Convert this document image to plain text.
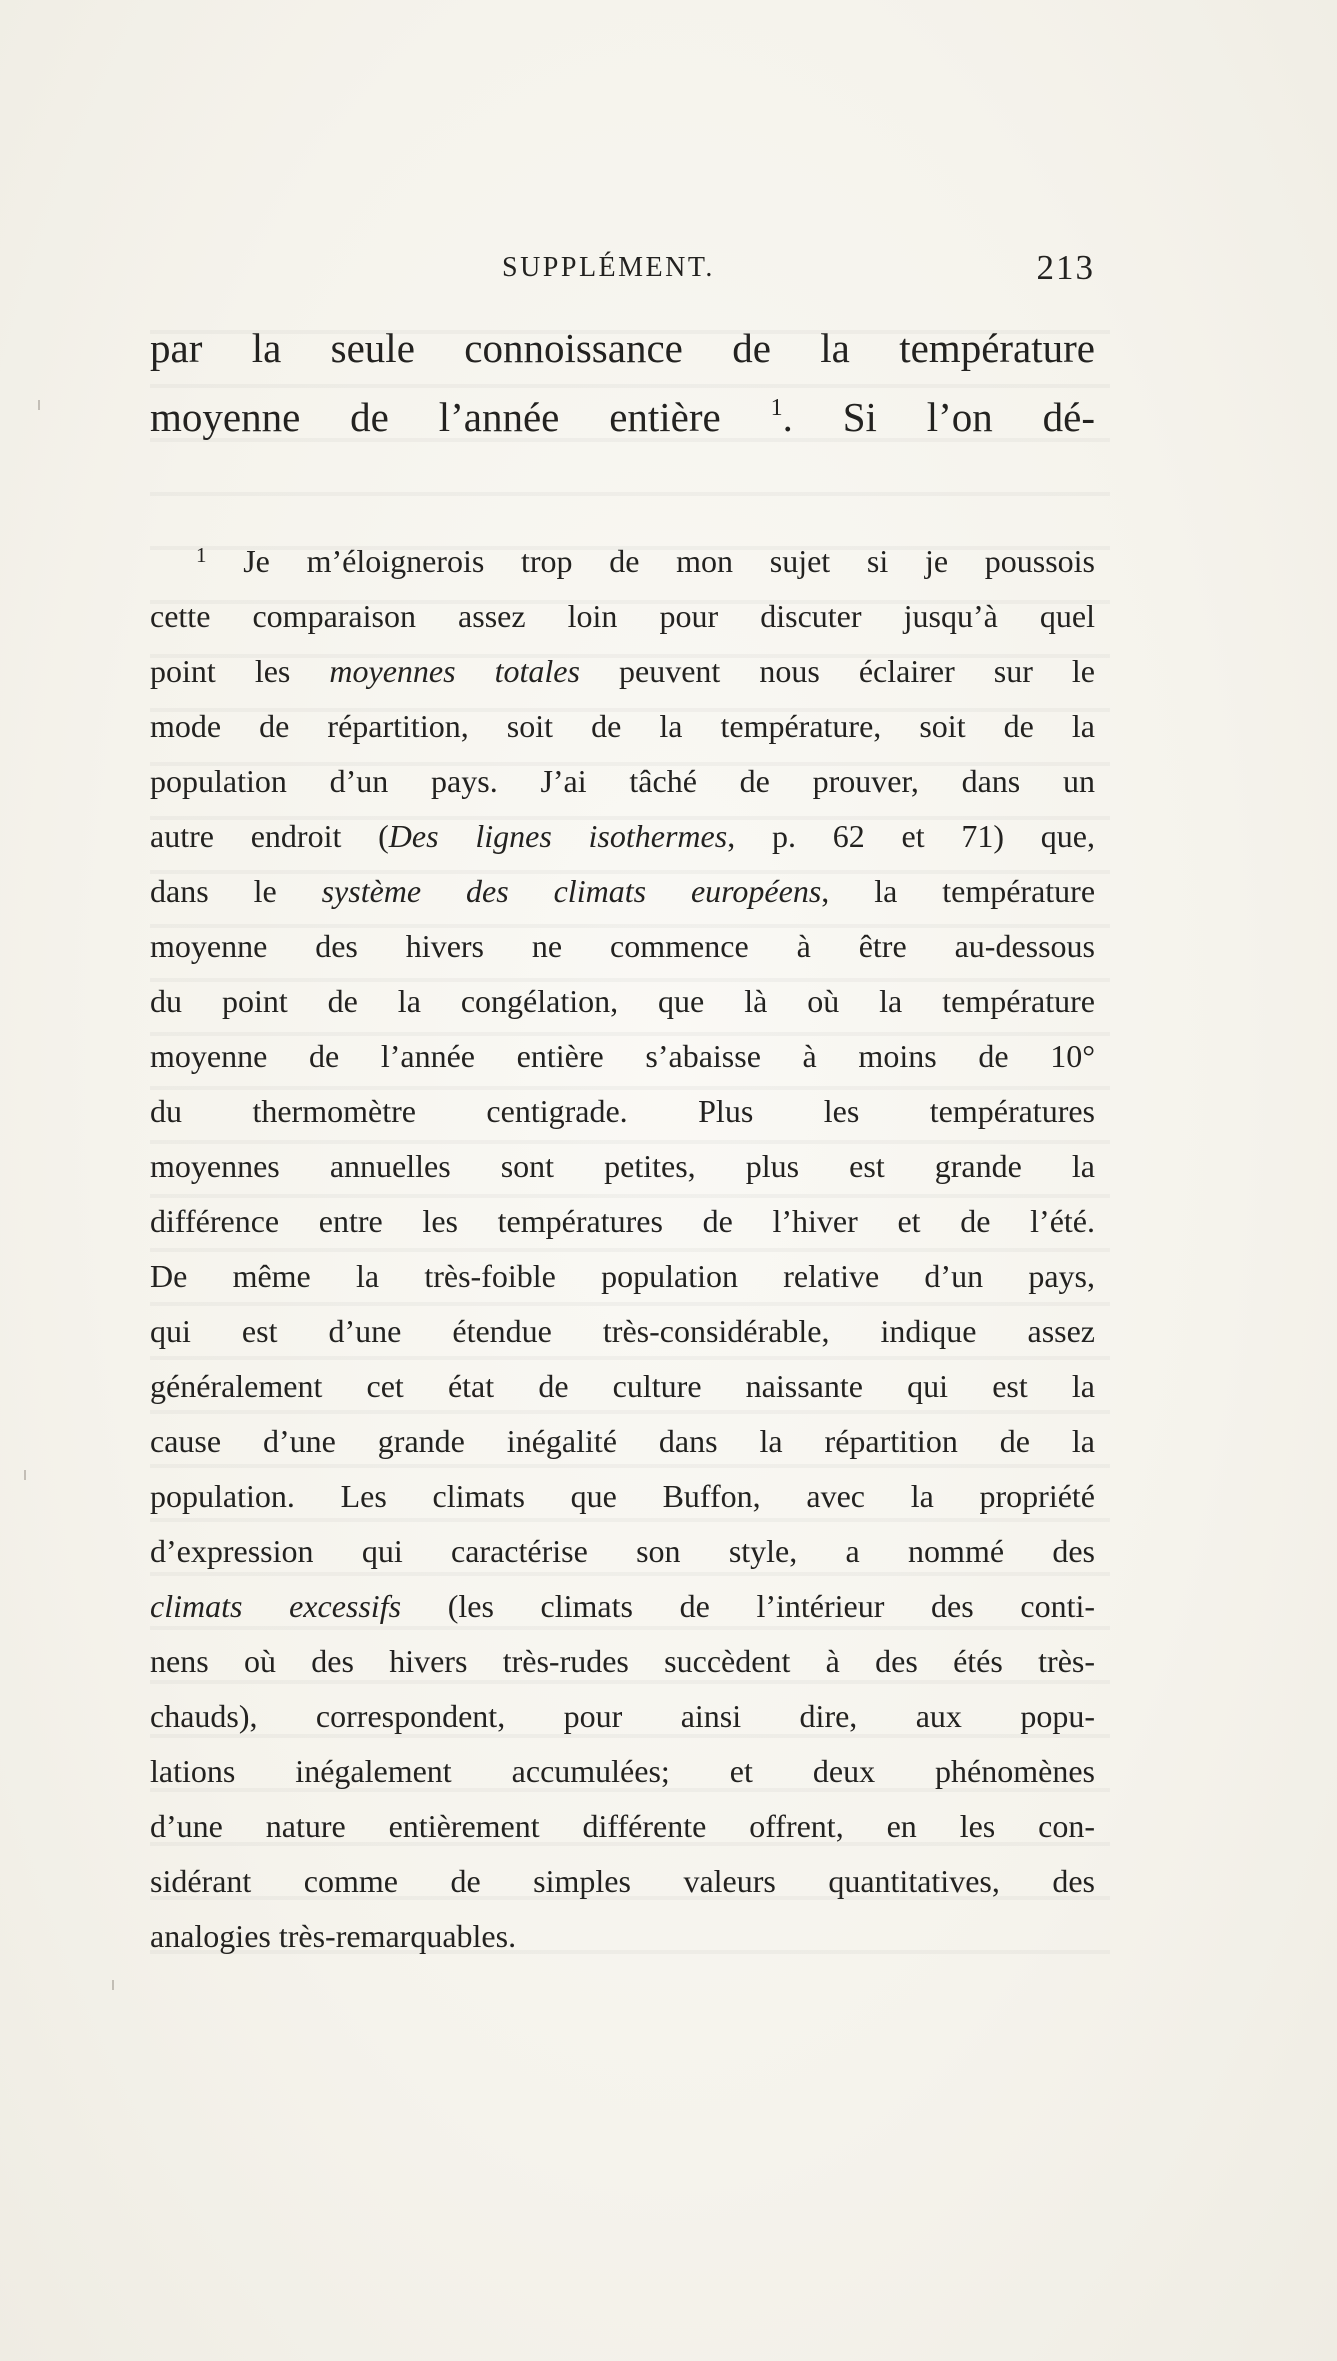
SUPPLÉMENT.	213

par la seule connoissance de la température
moyenne de l’année entière $^1$. Si l’on dé-

$^1$ Je m’éloignerois trop de mon sujet si je poussois
cette comparaison assez loin pour discuter jusqu’à quel
point les moyennes totales peuvent nous éclairer sur le
mode de répartition, soit de la température, soit de la
population d’un pays. J’ai tâché de prouver, dans un
autre endroit (Des lignes isothermes, p. 62 et 71) que,
dans le système des climats européens, la température
moyenne des hivers ne commence à être au-dessous
du point de la congélation, que là où la température
moyenne de l’année entière s’abaisse à moins de 10°
du thermomètre centigrade. Plus les températures
moyennes annuelles sont petites, plus est grande la
différence entre les températures de l’hiver et de l’été.
De même la très-foible population relative d’un pays,
qui est d’une étendue très-considérable, indique assez
généralement cet état de culture naissante qui est la
cause d’une grande inégalité dans la répartition de la
population. Les climats que Buffon, avec la propriété
d’expression qui caractérise son style, a nommé des
climats excessifs (les climats de l’intérieur des conti-
nens où des hivers très-rudes succèdent à des étés très-
chauds), correspondent, pour ainsi dire, aux popu-
lations inégalement accumulées; et deux phénomènes
d’une nature entièrement différente offrent, en les con-
sidérant comme de simples valeurs quantitatives, des
analogies très-remarquables.
